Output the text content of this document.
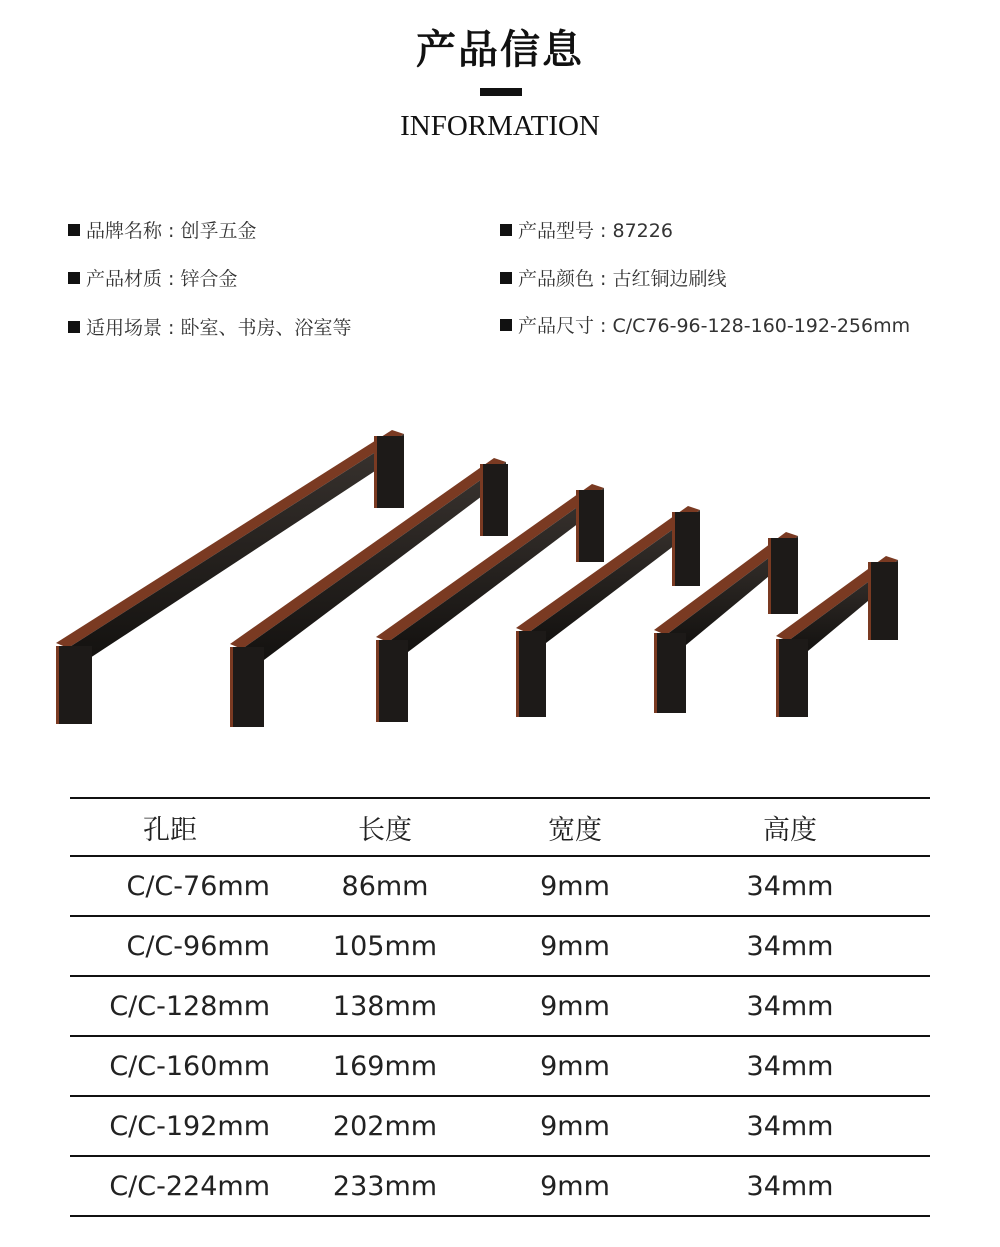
产品信息
INFORMATION
品牌名称 : 创孚五金	产品型号 : 87226
产品材质 : 锌合金	产品颜色 : 古红铜边刷线
适用场景 : 卧室、书房、浴室等	产品尺寸 : C/C76-96-128-160-192-256mm
孔距	长度	宽度	高度
C/C-76mm	86mm	9mm	34mm
C/C-96mm	105mm	9mm	34mm
C/C-128mm	138mm	9mm	34mm
C/C-160mm	169mm	9mm	34mm
C/C-192mm	202mm	9mm	34mm
C/C-224mm	233mm	9mm	34mm
